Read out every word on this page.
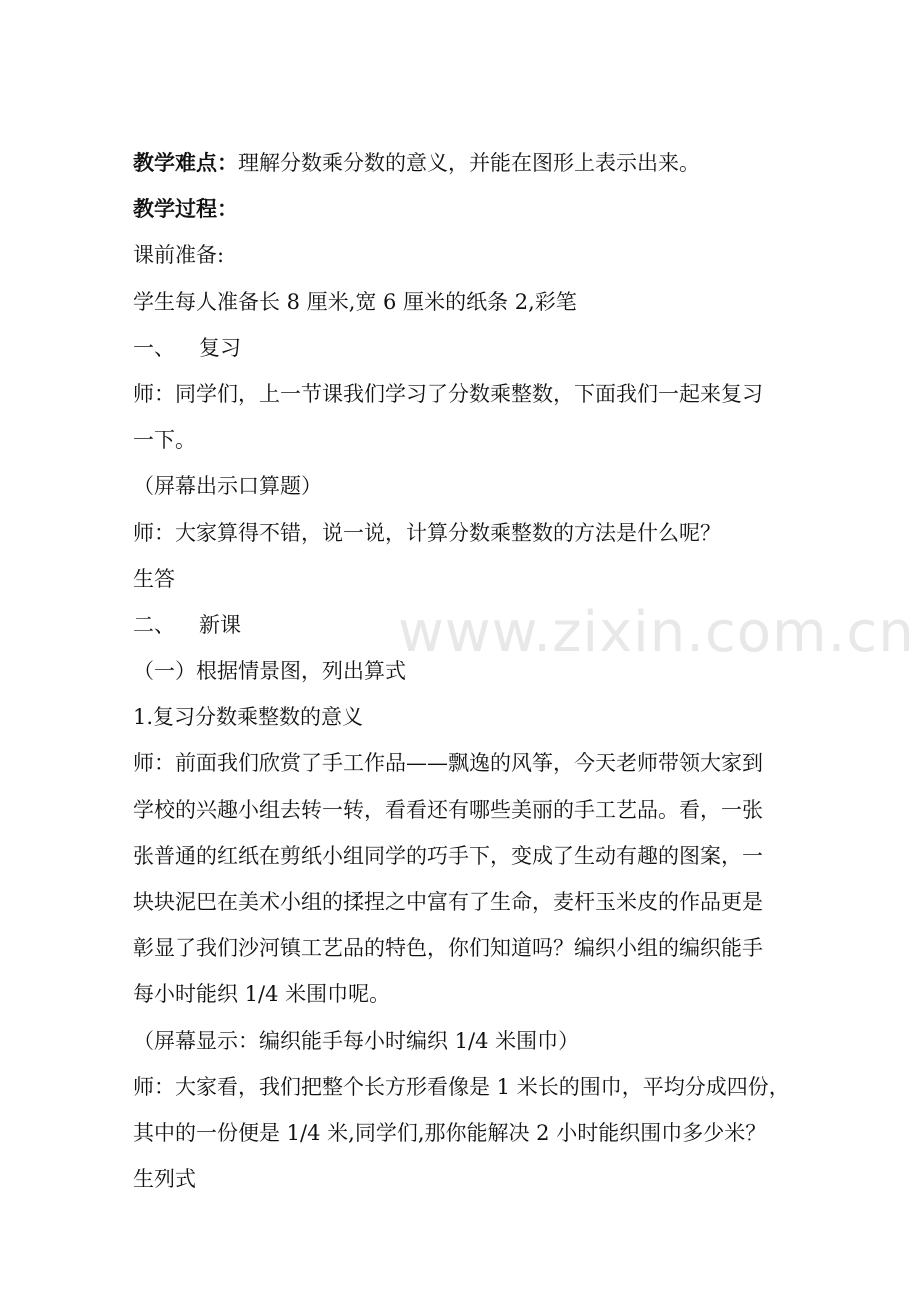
www.zixin.com.cn
教学难点：理解分数乘分数的意义，并能在图形上表示出来。
教学过程：
课前准备:
学生每人准备长 8 厘米,宽 6 厘米的纸条 2,彩笔
一、 复习
师：同学们，上一节课我们学习了分数乘整数，下面我们一起来复习
一下。
（屏幕出示口算题）
师：大家算得不错，说一说，计算分数乘整数的方法是什么呢？
生答
二、 新课
（一）根据情景图，列出算式
1.复习分数乘整数的意义
师：前面我们欣赏了手工作品——飘逸的风筝，今天老师带领大家到
学校的兴趣小组去转一转，看看还有哪些美丽的手工艺品。看，一张
张普通的红纸在剪纸小组同学的巧手下，变成了生动有趣的图案，一
块块泥巴在美术小组的揉捏之中富有了生命，麦杆玉米皮的作品更是
彰显了我们沙河镇工艺品的特色，你们知道吗？编织小组的编织能手
每小时能织 1/4 米围巾呢。
（屏幕显示：编织能手每小时编织 1/4 米围巾）
师：大家看，我们把整个长方形看像是 1 米长的围巾，平均分成四份，
其中的一份便是 1/4 米,同学们,那你能解决 2 小时能织围巾多少米？
生列式
